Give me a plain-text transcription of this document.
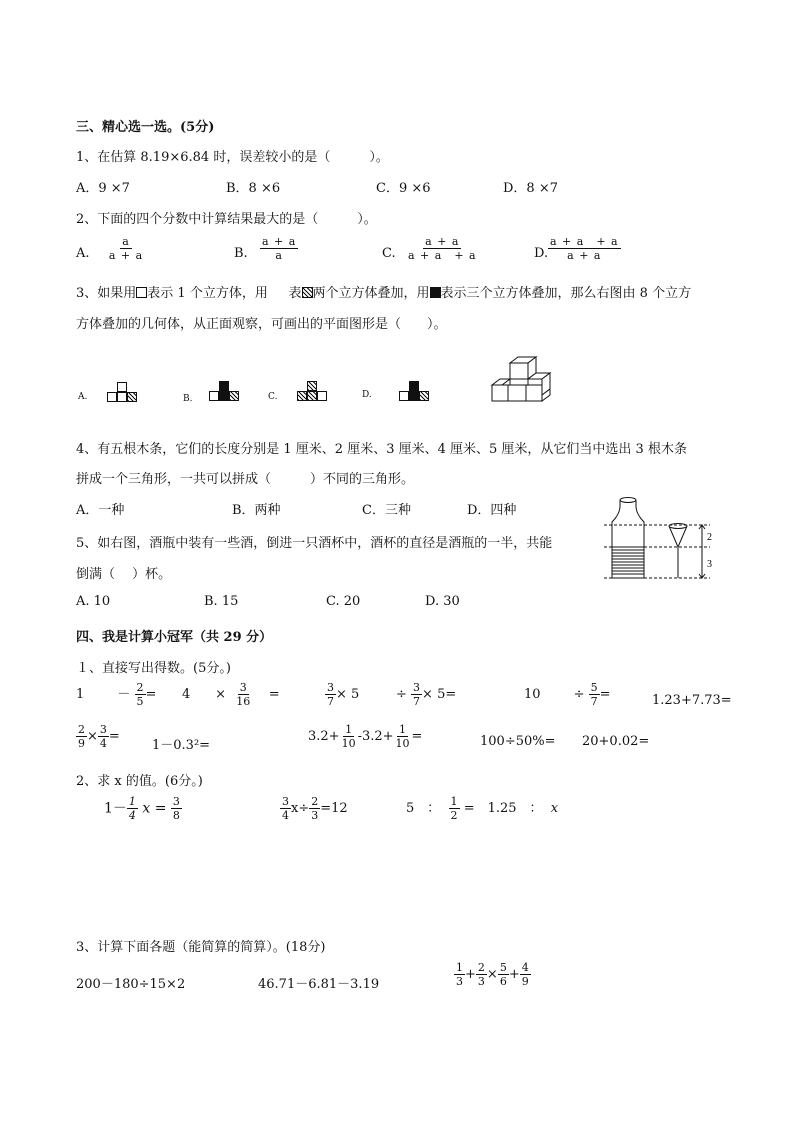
三、精心选一选。(5分)
1、在估算 8.19×6.84 时，误差较小的是（　　　）。
A．9 ×7	B．8 ×6	C．9 ×6	D．8 ×7
2、下面的四个分数中计算结果最大的是（　　　）。
A. $\frac{a}{a + a}$	B. $\frac{a + a}{a}$	C. $\frac{a + a}{a + a + a}$	D. $\frac{a + a + a}{a + a}$
3、如果用 表示 1 个立方体，用 表 两个立方体叠加，用 表示三个立方体叠加，那么右图由 8 个立方
方体叠加的几何体，从正面观察，可画出的平面图形是（　　）。
A.	B.	C.	D.
4、有五根木条，它们的长度分别是 1 厘米、2 厘米、3 厘米、4 厘米、5 厘米，从它们当中选出 3 根木条
拼成一个三角形，一共可以拼成（　　　）不同的三角形。
A．一种	B．两种	C．三种	D．四种
5、如右图，酒瓶中装有一些酒，倒进一只酒杯中，酒杯的直径是酒瓶的一半，共能
倒满（　 ）杯。
A. 10	B. 15	C. 20	D. 30
2
3
四、我是计算小冠军（共 29 分）
１、直接写出得数。(5分。)
1	－ $\frac{2}{5} = 4 \times \frac{3}{16}$ =	$\frac{3}{7} \times 5$	÷ $\frac{3}{7} \times 5=$	10	÷ $\frac{5}{7}$ =	1.23+7.73=
$\frac{2}{9} \times \frac{3}{4}$ =
1－0.3²=
$3.2+ \frac{1}{10} -3.2+ \frac{1}{10}$ =	100÷50%= 20+0.02=
2、求 x 的值。(6分。)
$1- \frac{1}{4}$ $x = \frac{3}{8}$	$\frac{3}{4} x\div \frac{2}{3} =12$	5　： $\frac{1}{2}$ =　1.25　： x
3、计算下面各题（能简算的简算）。(18分)
200－180÷15×2	46.71－6.81－3.19	$\frac{1}{3} + \frac{2}{3} \times \frac{5}{6} + \frac{4}{9}$
